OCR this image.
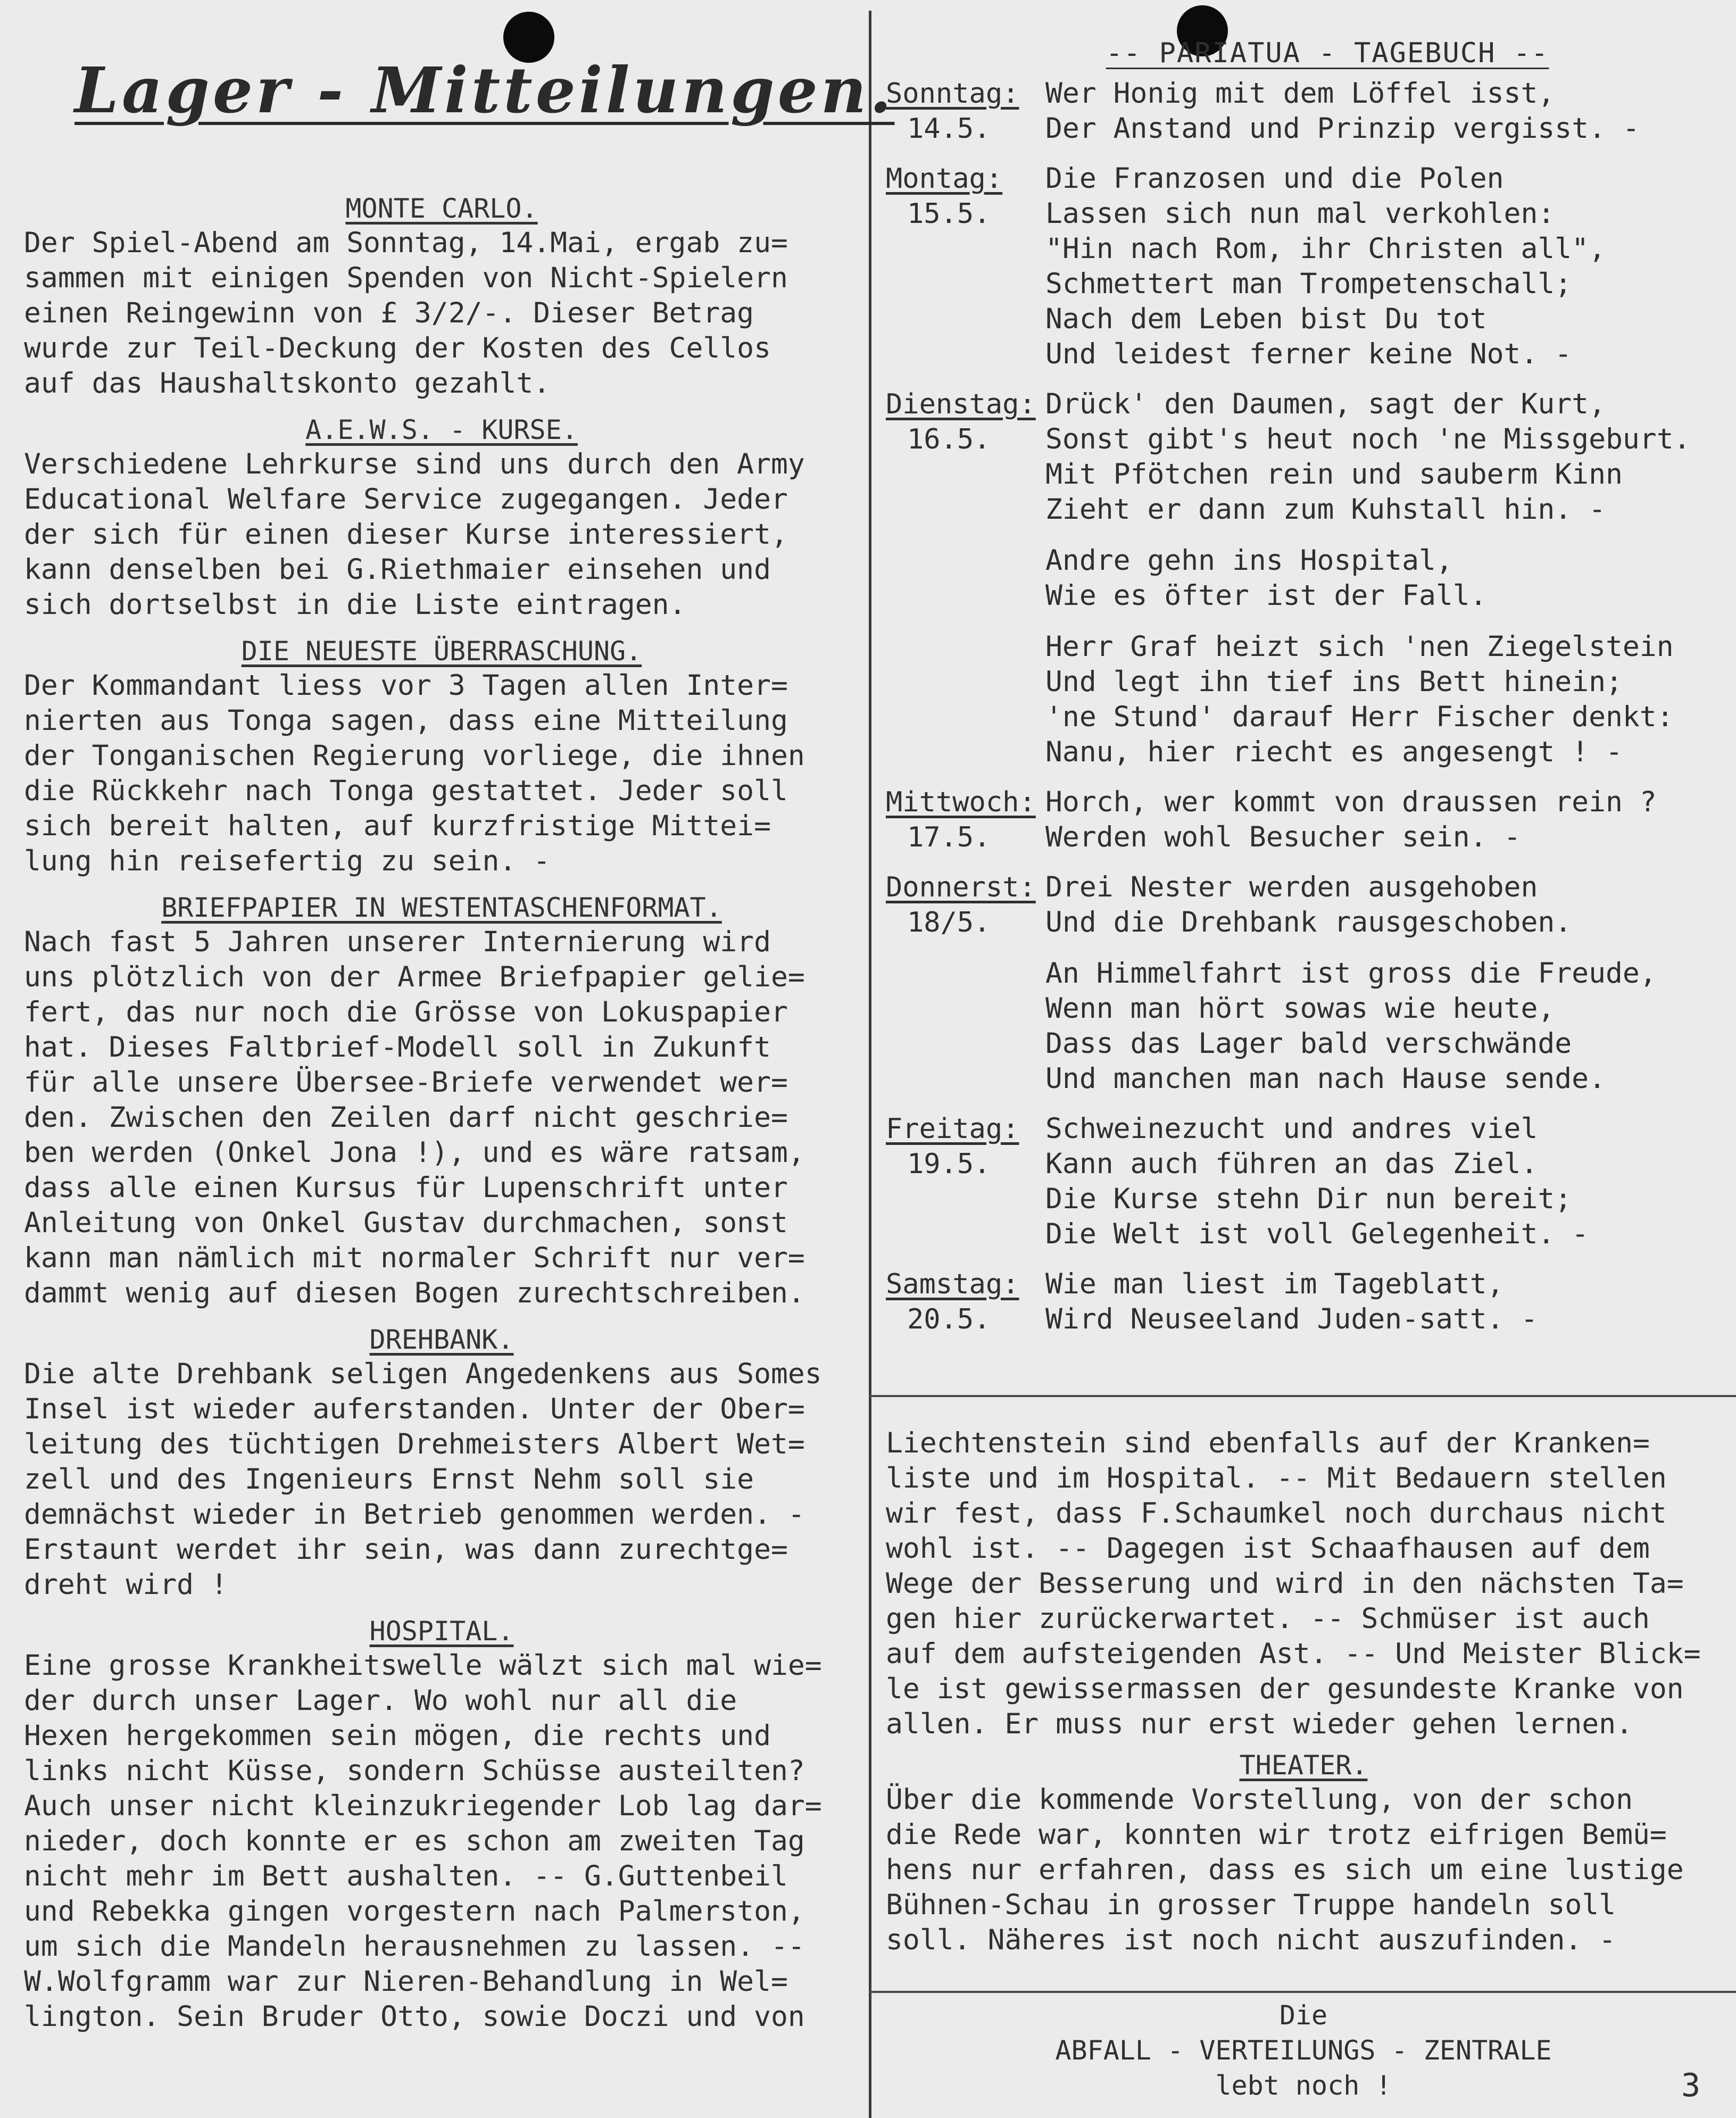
Lager - Mitteilungen.
MONTE CARLO.
Der Spiel-Abend am Sonntag, 14.Mai, ergab zu=
sammen mit einigen Spenden von Nicht-Spielern
einen Reingewinn von £ 3/2/-. Dieser Betrag
wurde zur Teil-Deckung der Kosten des Cellos
auf das Haushaltskonto gezahlt.
A.E.W.S. - KURSE.
Verschiedene Lehrkurse sind uns durch den Army
Educational Welfare Service zugegangen. Jeder
der sich für einen dieser Kurse interessiert,
kann denselben bei G.Riethmaier einsehen und
sich dortselbst in die Liste eintragen.
DIE NEUESTE ÜBERRASCHUNG.
Der Kommandant liess vor 3 Tagen allen Inter=
nierten aus Tonga sagen, dass eine Mitteilung
der Tonganischen Regierung vorliege, die ihnen
die Rückkehr nach Tonga gestattet. Jeder soll
sich bereit halten, auf kurzfristige Mittei=
lung hin reisefertig zu sein. -
BRIEFPAPIER IN WESTENTASCHENFORMAT.
Nach fast 5 Jahren unserer Internierung wird
uns plötzlich von der Armee Briefpapier gelie=
fert, das nur noch die Grösse von Lokuspapier
hat. Dieses Faltbrief-Modell soll in Zukunft
für alle unsere Übersee-Briefe verwendet wer=
den. Zwischen den Zeilen darf nicht geschrie=
ben werden (Onkel Jona !), und es wäre ratsam,
dass alle einen Kursus für Lupenschrift unter
Anleitung von Onkel Gustav durchmachen, sonst
kann man nämlich mit normaler Schrift nur ver=
dammt wenig auf diesen Bogen zurechtschreiben.
DREHBANK.
Die alte Drehbank seligen Angedenkens aus Somes
Insel ist wieder auferstanden. Unter der Ober=
leitung des tüchtigen Drehmeisters Albert Wet=
zell und des Ingenieurs Ernst Nehm soll sie
demnächst wieder in Betrieb genommen werden. -
Erstaunt werdet ihr sein, was dann zurechtge=
dreht wird !
HOSPITAL.
Eine grosse Krankheitswelle wälzt sich mal wie=
der durch unser Lager. Wo wohl nur all die
Hexen hergekommen sein mögen, die rechts und
links nicht Küsse, sondern Schüsse austeilten?
Auch unser nicht kleinzukriegender Lob lag dar=
nieder, doch konnte er es schon am zweiten Tag
nicht mehr im Bett aushalten. -- G.Guttenbeil
und Rebekka gingen vorgestern nach Palmerston,
um sich die Mandeln herausnehmen zu lassen. --
W.Wolfgramm war zur Nieren-Behandlung in Wel=
lington. Sein Bruder Otto, sowie Doczi und von
-- PARIATUA - TAGEBUCH --
Sonntag:
14.5.
Wer Honig mit dem Löffel isst,
Der Anstand und Prinzip vergisst. -
Montag:
15.5.
Die Franzosen und die Polen
Lassen sich nun mal verkohlen:
"Hin nach Rom, ihr Christen all",
Schmettert man Trompetenschall;
Nach dem Leben bist Du tot
Und leidest ferner keine Not. -
Dienstag:
16.5.
Drück' den Daumen, sagt der Kurt,
Sonst gibt's heut noch 'ne Missgeburt.
Mit Pfötchen rein und sauberm Kinn
Zieht er dann zum Kuhstall hin. -
Andre gehn ins Hospital,
Wie es öfter ist der Fall.
Herr Graf heizt sich 'nen Ziegelstein
Und legt ihn tief ins Bett hinein;
'ne Stund' darauf Herr Fischer denkt:
Nanu, hier riecht es angesengt ! -
Mittwoch:
17.5.
Horch, wer kommt von draussen rein ?
Werden wohl Besucher sein. -
Donnerst:
18/5.
Drei Nester werden ausgehoben
Und die Drehbank rausgeschoben.
An Himmelfahrt ist gross die Freude,
Wenn man hört sowas wie heute,
Dass das Lager bald verschwände
Und manchen man nach Hause sende.
Freitag:
19.5.
Schweinezucht und andres viel
Kann auch führen an das Ziel.
Die Kurse stehn Dir nun bereit;
Die Welt ist voll Gelegenheit. -
Samstag:
20.5.
Wie man liest im Tageblatt,
Wird Neuseeland Juden-satt. -
Liechtenstein sind ebenfalls auf der Kranken=
liste und im Hospital. -- Mit Bedauern stellen
wir fest, dass F.Schaumkel noch durchaus nicht
wohl ist. -- Dagegen ist Schaafhausen auf dem
Wege der Besserung und wird in den nächsten Ta=
gen hier zurückerwartet. -- Schmüser ist auch
auf dem aufsteigenden Ast. -- Und Meister Blick=
le ist gewissermassen der gesundeste Kranke von
allen. Er muss nur erst wieder gehen lernen.
THEATER.
Über die kommende Vorstellung, von der schon
die Rede war, konnten wir trotz eifrigen Bemü=
hens nur erfahren, dass es sich um eine lustige
Bühnen-Schau in grosser Truppe handeln soll
soll. Näheres ist noch nicht auszufinden. -
Die
ABFALL - VERTEILUNGS - ZENTRALE
lebt noch !	3
